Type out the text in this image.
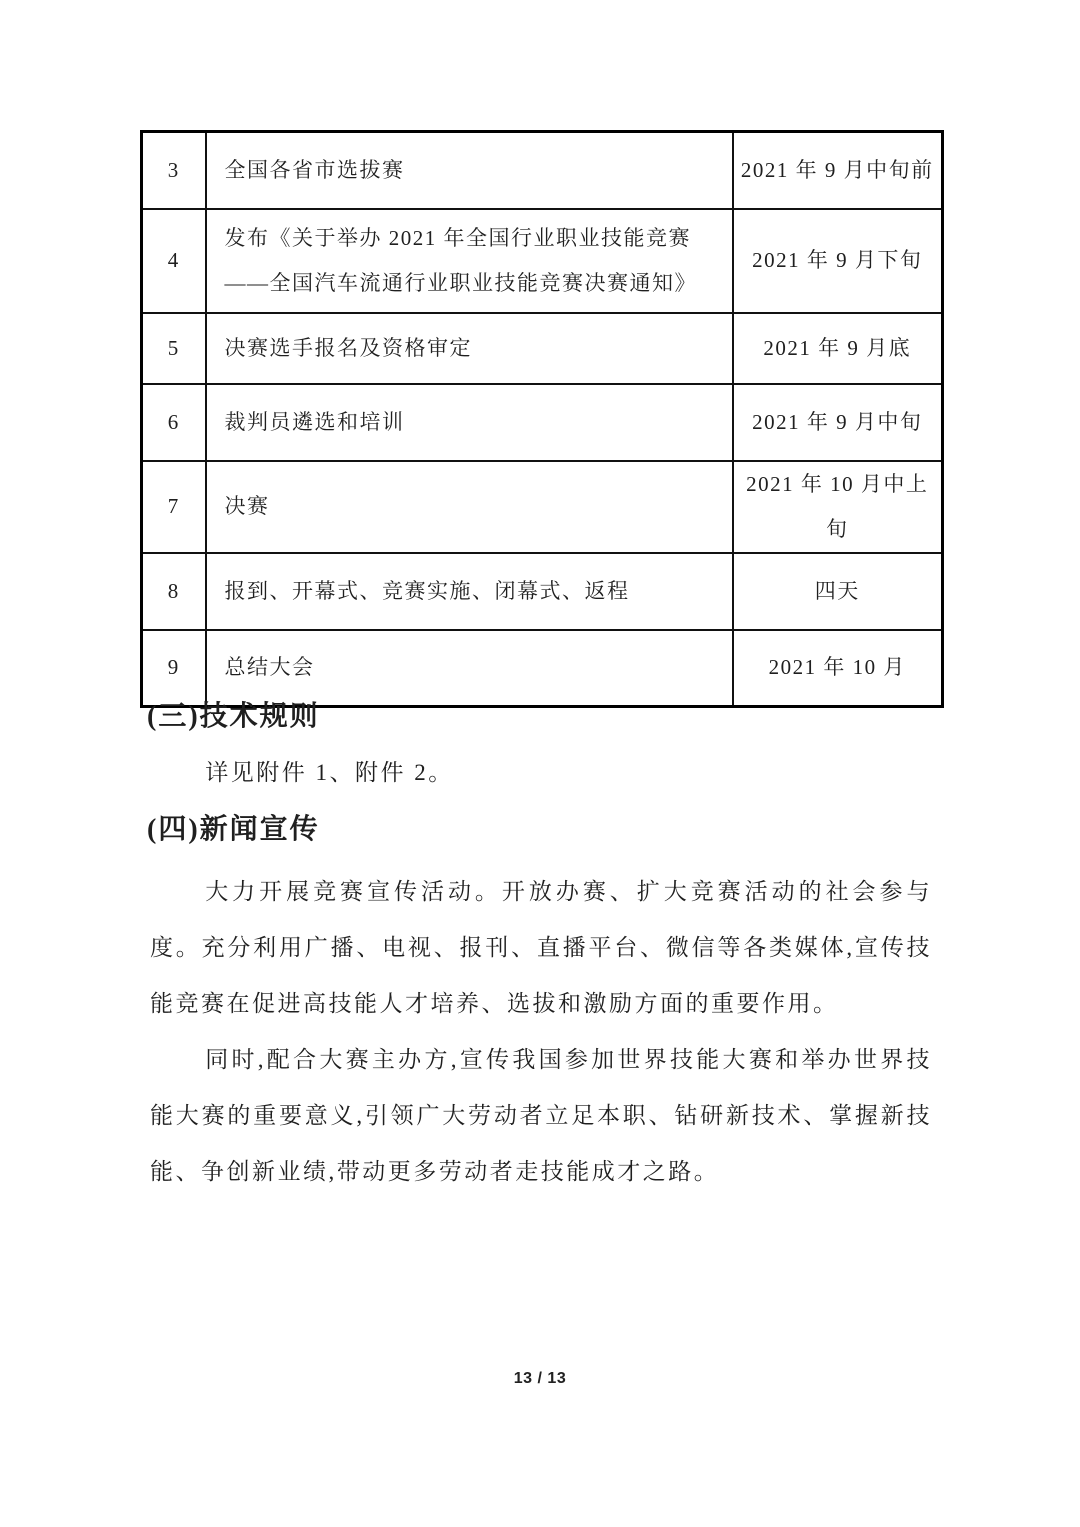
3	全国各省市选拔赛	2021 年 9 月中旬前
4	发布《关于举办 2021 年全国行业职业技能竞赛——全国汽车流通行业职业技能竞赛决赛通知》	2021 年 9 月下旬
5	决赛选手报名及资格审定	2021 年 9 月底
6	裁判员遴选和培训	2021 年 9 月中旬
7	决赛	2021 年 10 月中上旬
8	报到、开幕式、竞赛实施、闭幕式、返程	四天
9	总结大会	2021 年 10 月
(三)技术规则
详见附件 1、附件 2。
(四)新闻宣传
大力开展竞赛宣传活动。开放办赛、扩大竞赛活动的社会参与度。充分利用广播、电视、报刊、直播平台、微信等各类媒体,宣传技能竞赛在促进高技能人才培养、选拔和激励方面的重要作用。
同时,配合大赛主办方,宣传我国参加世界技能大赛和举办世界技能大赛的重要意义,引领广大劳动者立足本职、钻研新技术、掌握新技能、争创新业绩,带动更多劳动者走技能成才之路。
13 / 13
